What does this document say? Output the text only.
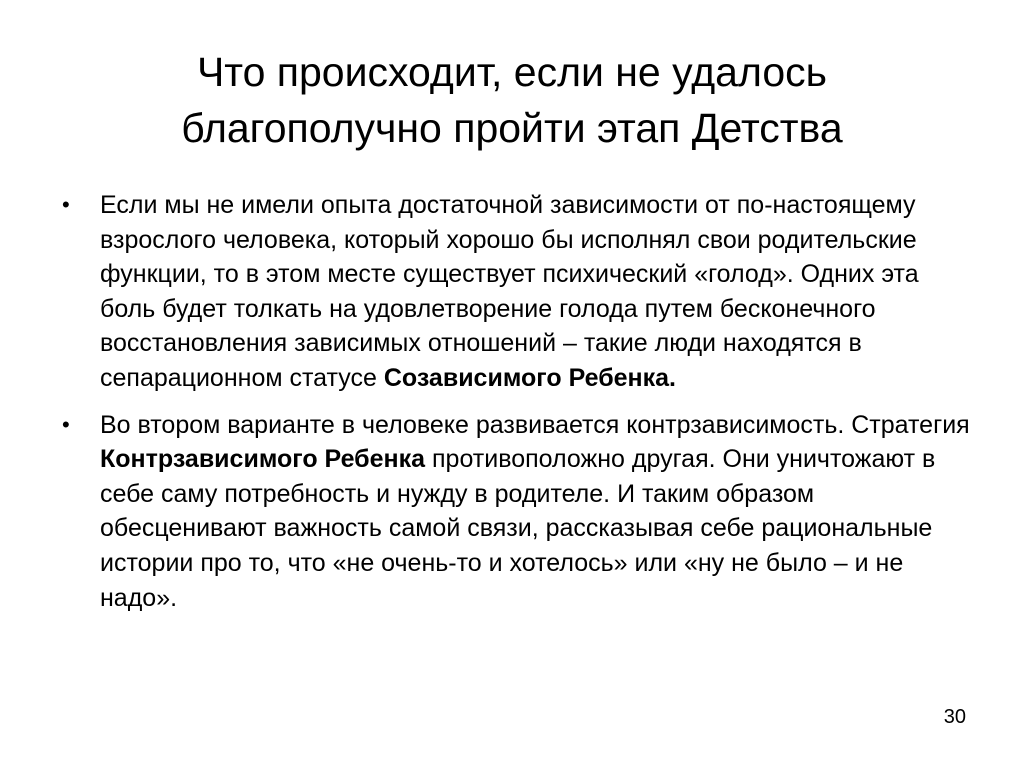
Что происходит, если не удалось
благополучно пройти этап Детства
•	Если мы не имели опыта достаточной зависимости от по-настоящему взрослого человека, который хорошо бы исполнял свои родительские функции, то в этом месте существует психический «голод». Одних эта боль будет толкать на удовлетворение голода путем бесконечного восстановления зависимых отношений – такие люди находятся в сепарационном статусе Созависимого Ребенка.
•	Во втором варианте в человеке развивается контрзависимость. Стратегия Контрзависимого Ребенка противоположно другая. Они уничтожают в себе саму потребность и нужду в родителе. И таким образом обесценивают важность самой связи, рассказывая себе рациональные истории про то, что «не очень-то и хотелось» или «ну не было – и не надо».
30
